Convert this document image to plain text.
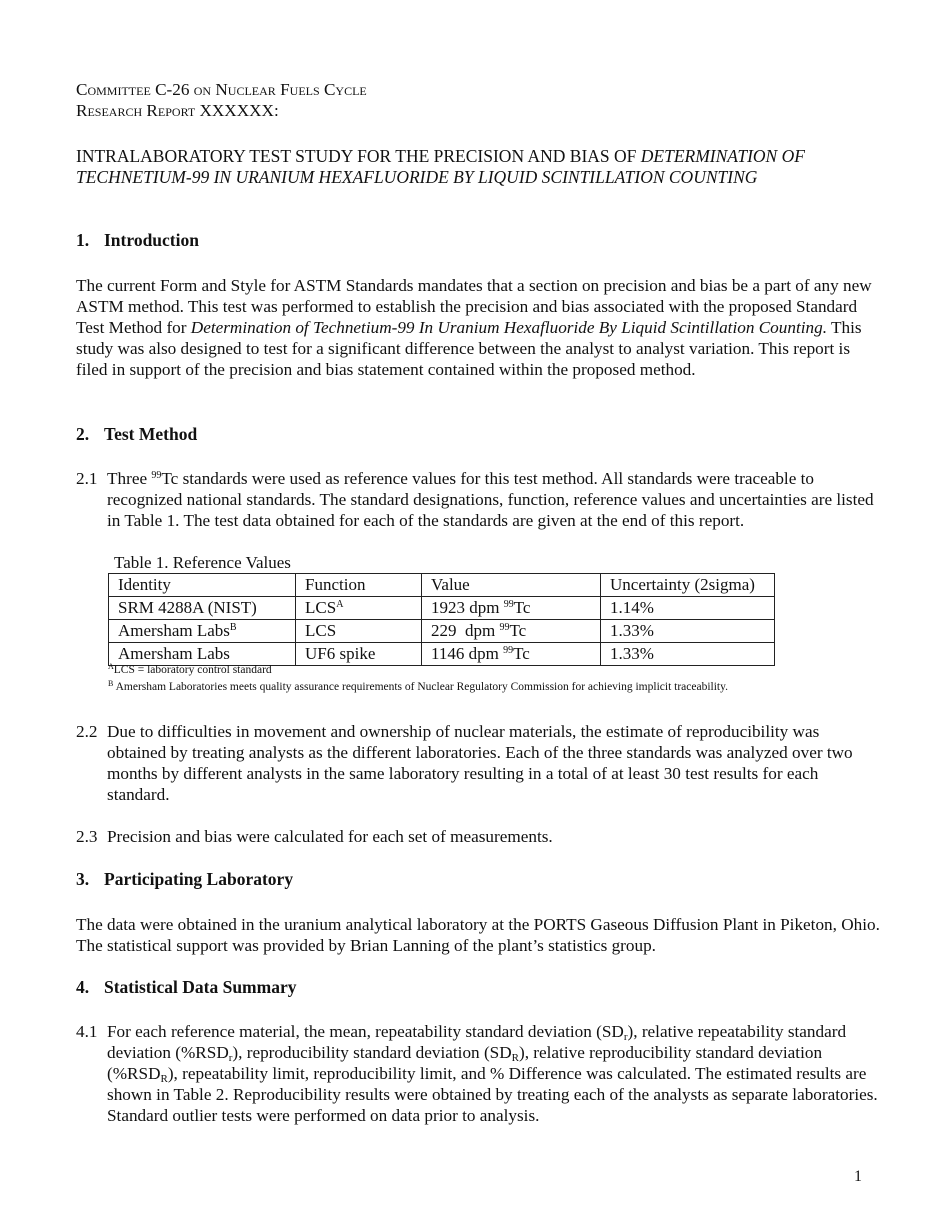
Committee C-26 on Nuclear Fuels Cycle
Research Report XXXXXX:
INTRALABORATORY TEST STUDY FOR THE PRECISION AND BIAS OF DETERMINATION OF TECHNETIUM-99 IN URANIUM HEXAFLUORIDE BY LIQUID SCINTILLATION COUNTING
1. Introduction

The current Form and Style for ASTM Standards mandates that a section on precision and bias be a part of any new ASTM method. This test was performed to establish the precision and bias associated with the proposed Standard Test Method for Determination of Technetium-99 In Uranium Hexafluoride By Liquid Scintillation Counting. This study was also designed to test for a significant difference between the analyst to analyst variation. This report is filed in support of the precision and bias statement contained within the proposed method.

2. Test Method

2.1 Three $^{99}$Tc standards were used as reference values for this test method. All standards were traceable to recognized national standards. The standard designations, function, reference values and uncertainties are listed in Table 1. The test data obtained for each of the standards are given at the end of this report.

Table 1. Reference Values
Identity	Function	Value	Uncertainty (2sigma)
SRM 4288A (NIST)	$LCS^A$	1923 dpm $^{99}$Tc	1.14%
Amersham Labs$^B$	LCS	229  dpm $^{99}$Tc	1.33%
Amersham Labs	UF6 spike	1146 dpm $^{99}$Tc	1.33%
$^A$LCS = laboratory control standard
$^B$ Amersham Laboratories meets quality assurance requirements of Nuclear Regulatory Commission for achieving implicit traceability.

2.2 Due to difficulties in movement and ownership of nuclear materials, the estimate of reproducibility was obtained by treating analysts as the different laboratories. Each of the three standards was analyzed over two months by different analysts in the same laboratory resulting in a total of at least 30 test results for each standard.

2.3 Precision and bias were calculated for each set of measurements.

3. Participating Laboratory

The data were obtained in the uranium analytical laboratory at the PORTS Gaseous Diffusion Plant in Piketon, Ohio. The statistical support was provided by Brian Lanning of the plant’s statistics group.

4. Statistical Data Summary

4.1 For each reference material, the mean, repeatability standard deviation $(SD_r)$, relative repeatability standard deviation $(\%RSD_r)$, reproducibility standard deviation $(SD_R)$, relative reproducibility standard deviation $(\%RSD_R)$, repeatability limit, reproducibility limit, and % Difference was calculated. The estimated results are shown in Table 2. Reproducibility results were obtained by treating each of the analysts as separate laboratories. Standard outlier tests were performed on data prior to analysis.

1
